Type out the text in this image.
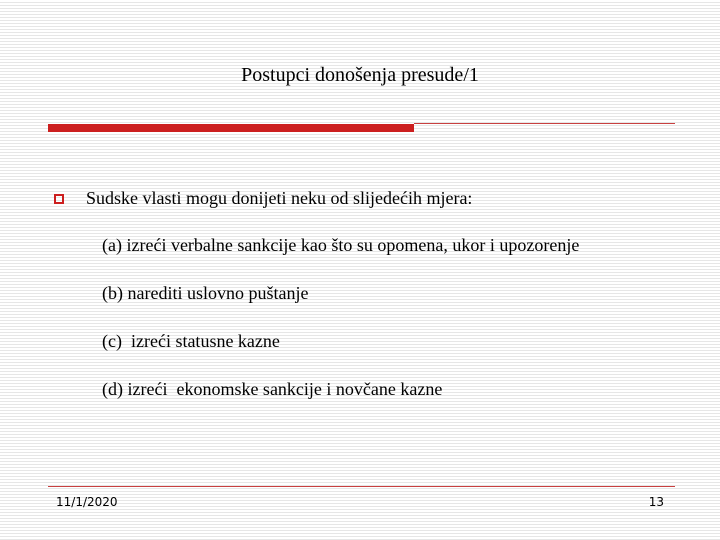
Postupci donošenja presude/1
Sudske vlasti mogu donijeti neku od slijedećih mjera:
(a) izreći verbalne sankcije kao što su opomena, ukor i upozorenje
(b) narediti uslovno puštanje
(c)  izreći statusne kazne
(d) izreći  ekonomske sankcije i novčane kazne
11/1/2020	13
